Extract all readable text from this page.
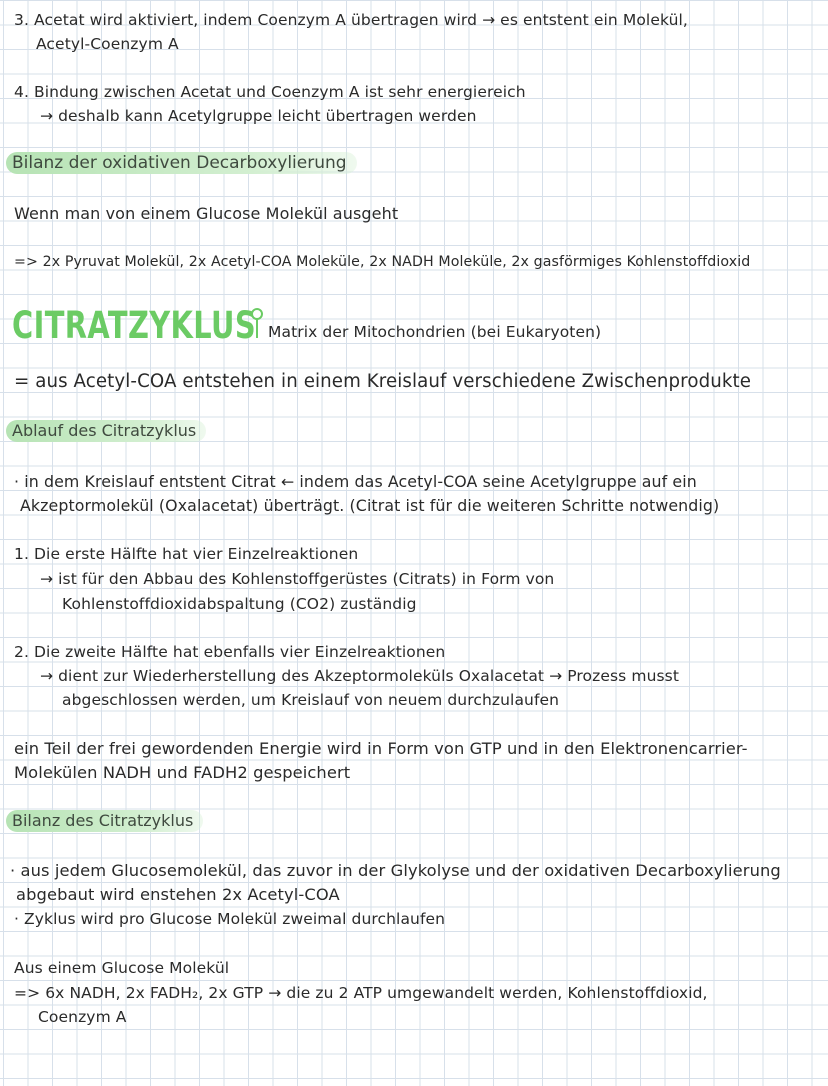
3. Acetat wird aktiviert, indem Coenzym A übertragen wird → es entstent ein Molekül,
Acetyl-Coenzym A
4. Bindung zwischen Acetat und Coenzym A ist sehr energiereich
→ deshalb kann Acetylgruppe leicht übertragen werden
Bilanz der oxidativen Decarboxylierung
Wenn man von einem Glucose Molekül ausgeht
=> 2x Pyruvat Molekül, 2x Acetyl-COA Moleküle, 2x NADH Moleküle, 2x gasförmiges Kohlenstoffdioxid
CITRATZYKLUS Matrix der Mitochondrien (bei Eukaryoten)
= aus Acetyl-COA entstehen in einem Kreislauf verschiedene Zwischenprodukte
Ablauf des Citratzyklus
· in dem Kreislauf entstent Citrat ← indem das Acetyl-COA seine Acetylgruppe auf ein
Akzeptormolekül (Oxalacetat) überträgt. (Citrat ist für die weiteren Schritte notwendig)
1. Die erste Hälfte hat vier Einzelreaktionen
→ ist für den Abbau des Kohlenstoffgerüstes (Citrats) in Form von
Kohlenstoffdioxidabspaltung (CO2) zuständig
2. Die zweite Hälfte hat ebenfalls vier Einzelreaktionen
→ dient zur Wiederherstellung des Akzeptormoleküls Oxalacetat → Prozess musst
abgeschlossen werden, um Kreislauf von neuem durchzulaufen
ein Teil der frei gewordenden Energie wird in Form von GTP und in den Elektronencarrier-
Molekülen NADH und FADH2 gespeichert
Bilanz des Citratzyklus
· aus jedem Glucosemolekül, das zuvor in der Glykolyse und der oxidativen Decarboxylierung
abgebaut wird enstehen 2x Acetyl-COA
· Zyklus wird pro Glucose Molekül zweimal durchlaufen
Aus einem Glucose Molekül
=> 6x NADH, 2x FADH₂, 2x GTP → die zu 2 ATP umgewandelt werden, Kohlenstoffdioxid,
Coenzym A
